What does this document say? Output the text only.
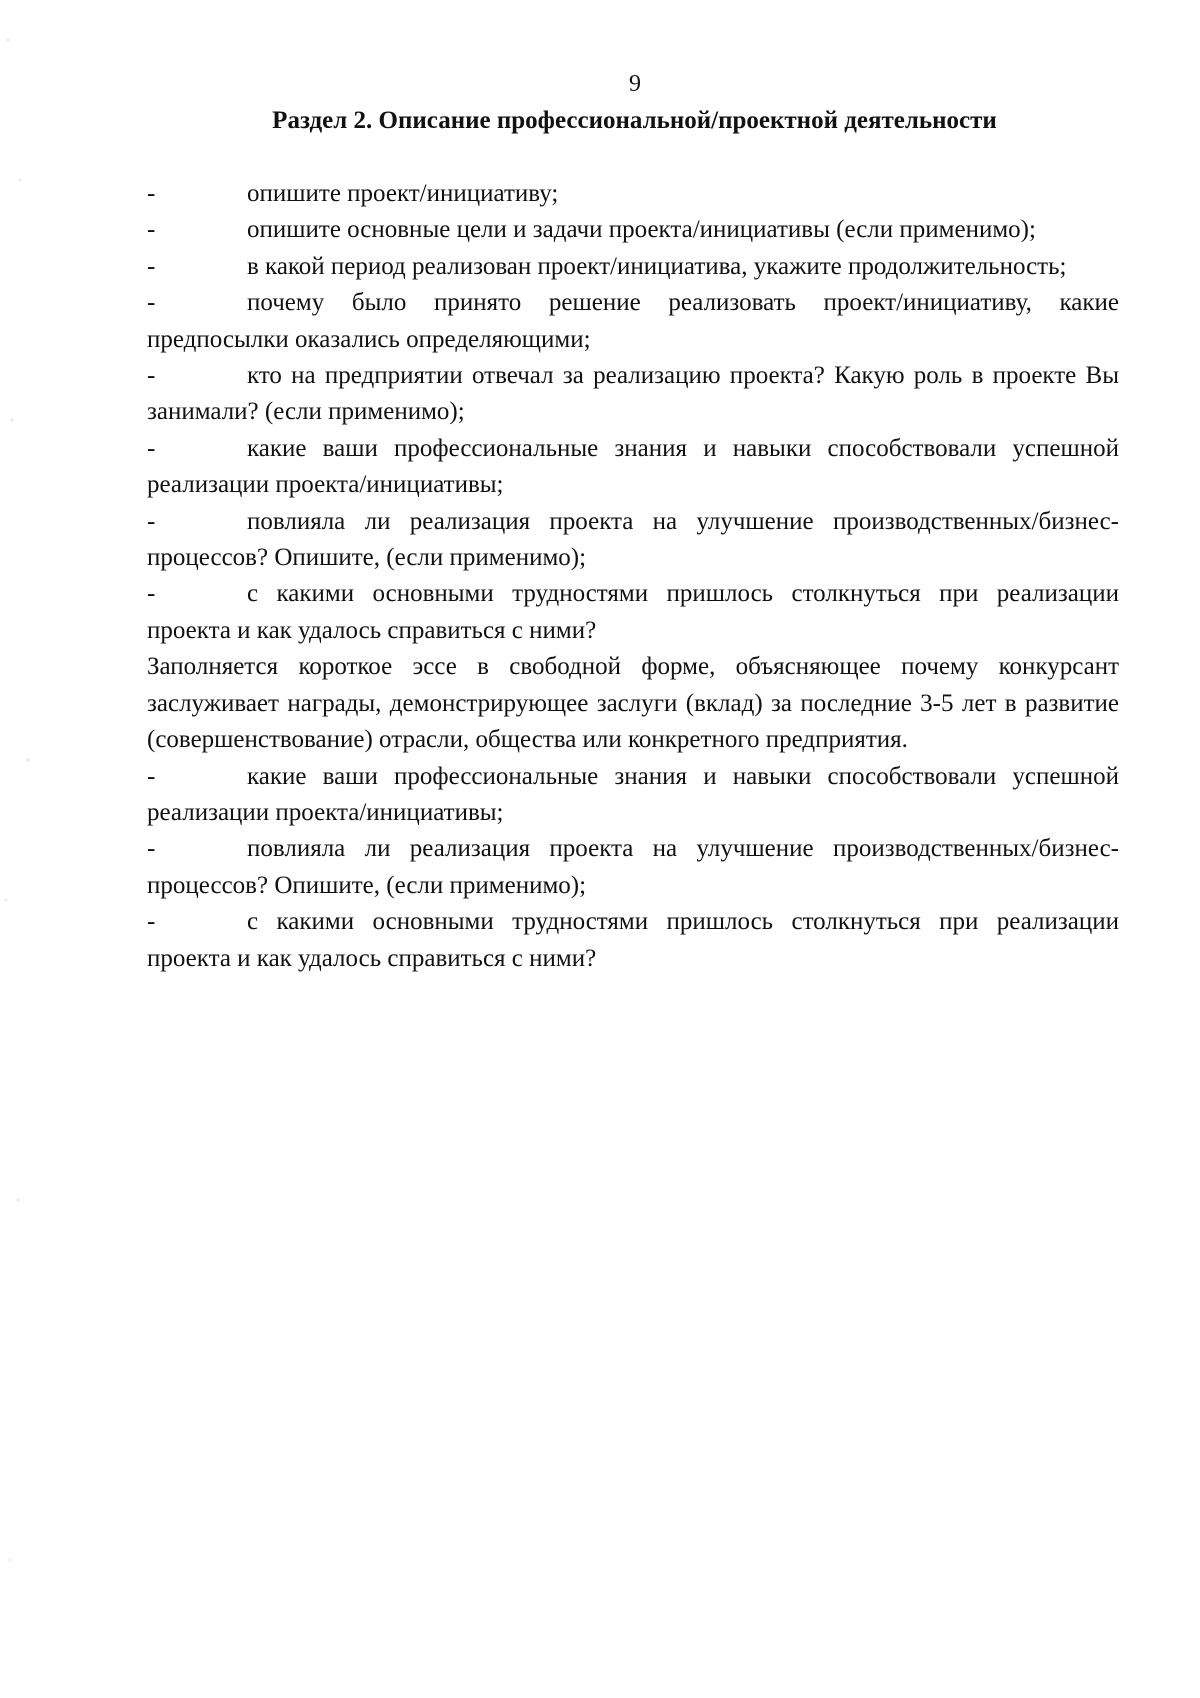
9
Раздел 2. Описание профессиональной/проектной деятельности

-	опишите проект/инициативу;

-	опишите основные цели и задачи проекта/инициативы (если применимо);

-	в какой период реализован проект/инициатива, укажите продолжительность;

-	почему было принято решение реализовать проект/инициативу, какие предпосылки оказались определяющими;

-	кто на предприятии отвечал за реализацию проекта? Какую роль в проекте Вы занимали? (если применимо);

-	какие ваши профессиональные знания и навыки способствовали успешной реализации проекта/инициативы;

-	повлияла ли реализация проекта на улучшение производственных/бизнес- процессов? Опишите, (если применимо);

-	с какими основными трудностями пришлось столкнуться при реализации проекта и как удалось справиться с ними?

Заполняется короткое эссе в свободной форме, объясняющее почему конкурсант заслуживает награды, демонстрирующее заслуги (вклад) за последние 3-5 лет в развитие (совершенствование) отрасли, общества или конкретного предприятия.

-	какие ваши профессиональные знания и навыки способствовали успешной реализации проекта/инициативы;

-	повлияла ли реализация проекта на улучшение производственных/бизнес- процессов? Опишите, (если применимо);

-	с какими основными трудностями пришлось столкнуться при реализации проекта и как удалось справиться с ними?
